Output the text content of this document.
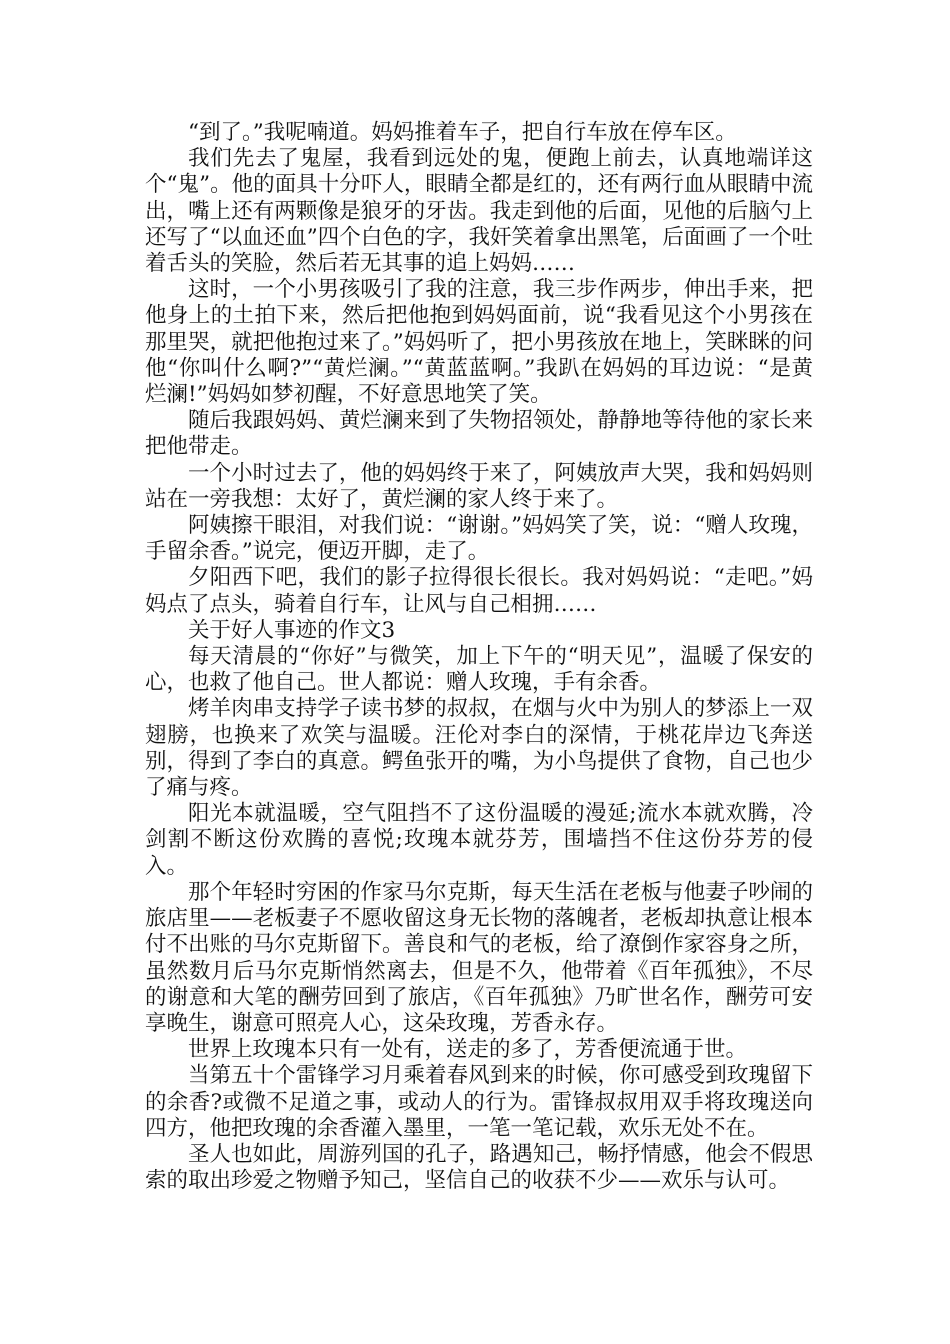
“到了。”我呢喃道。妈妈推着车子，把自行车放在停车区。

我们先去了鬼屋，我看到远处的鬼，便跑上前去，认真地端详这个“鬼”。他的面具十分吓人，眼睛全都是红的，还有两行血从眼睛中流出，嘴上还有两颗像是狼牙的牙齿。我走到他的后面，见他的后脑勺上还写了“以血还血”四个白色的字，我奸笑着拿出黑笔，后面画了一个吐着舌头的笑脸，然后若无其事的追上妈妈……

这时，一个小男孩吸引了我的注意，我三步作两步，伸出手来，把他身上的土拍下来，然后把他抱到妈妈面前，说“我看见这个小男孩在那里哭，就把他抱过来了。”妈妈听了，把小男孩放在地上，笑眯眯的问他“你叫什么啊?”“黄烂澜。”“黄蓝蓝啊。”我趴在妈妈的耳边说：“是黄烂澜!”妈妈如梦初醒，不好意思地笑了笑。

随后我跟妈妈、黄烂澜来到了失物招领处，静静地等待他的家长来把他带走。

一个小时过去了，他的妈妈终于来了，阿姨放声大哭，我和妈妈则站在一旁我想：太好了，黄烂澜的家人终于来了。

阿姨擦干眼泪，对我们说：“谢谢。”妈妈笑了笑，说：“赠人玫瑰，手留余香。”说完，便迈开脚，走了。

夕阳西下吧，我们的影子拉得很长很长。我对妈妈说：“走吧。”妈妈点了点头，骑着自行车，让风与自己相拥……

关于好人事迹的作文3

每天清晨的“你好”与微笑，加上下午的“明天见”，温暖了保安的心，也救了他自己。世人都说：赠人玫瑰，手有余香。

烤羊肉串支持学子读书梦的叔叔，在烟与火中为别人的梦添上一双翅膀，也换来了欢笑与温暖。汪伦对李白的深情，于桃花岸边飞奔送别，得到了李白的真意。鳄鱼张开的嘴，为小鸟提供了食物，自己也少了痛与疼。

阳光本就温暖，空气阻挡不了这份温暖的漫延;流水本就欢腾，冷剑割不断这份欢腾的喜悦;玫瑰本就芬芳，围墙挡不住这份芬芳的侵入。

那个年轻时穷困的作家马尔克斯，每天生活在老板与他妻子吵闹的旅店里——老板妻子不愿收留这身无长物的落魄者，老板却执意让根本付不出账的马尔克斯留下。善良和气的老板，给了潦倒作家容身之所，虽然数月后马尔克斯悄然离去，但是不久，他带着《百年孤独》，不尽的谢意和大笔的酬劳回到了旅店，《百年孤独》乃旷世名作，酬劳可安享晚生，谢意可照亮人心，这朵玫瑰，芳香永存。

世界上玫瑰本只有一处有，送走的多了，芳香便流通于世。

当第五十个雷锋学习月乘着春风到来的时候，你可感受到玫瑰留下的余香?或微不足道之事，或动人的行为。雷锋叔叔用双手将玫瑰送向四方，他把玫瑰的余香灌入墨里，一笔一笔记载，欢乐无处不在。

圣人也如此，周游列国的孔子，路遇知己，畅抒情感，他会不假思索的取出珍爱之物赠予知己，坚信自己的收获不少——欢乐与认可。
